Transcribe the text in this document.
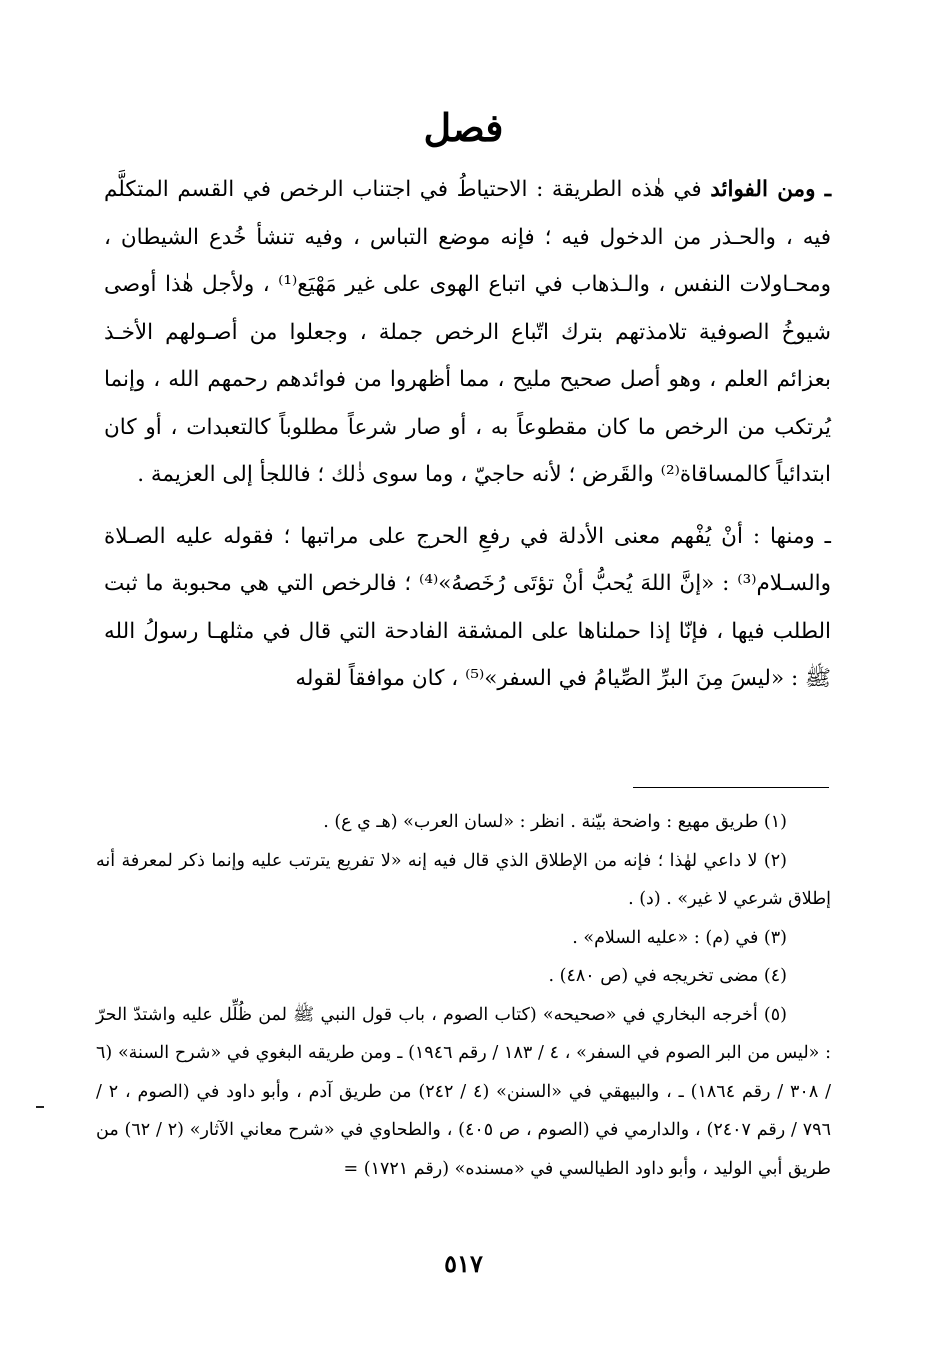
فصل

ـ ومن الفوائد في هٰذه الطريقة : الاحتياطُ في اجتناب الرخص في القسم المتكلَّم فيه ، والحـذر من الدخول فيه ؛ فإنه موضع التباس ، وفيه تنشأ خُدع الشيطان ، ومحـاولات النفس ، والـذهاب في اتباع الهوى على غير مَهْيَع⁽¹⁾ ، ولأجل هٰذا أوصى شيوخُ الصوفية تلامذتهم بترك اتّباع الرخص جملة ، وجعلوا من أصـولهم الأخـذ بعزائم العلم ، وهو أصل صحيح مليح ، مما أظهروا من فوائدهم رحمهم الله ، وإنما يُرتكب من الرخص ما كان مقطوعاً به ، أو صار شرعاً مطلوباً كالتعبدات ، أو كان ابتدائياً كالمساقاة⁽²⁾ والقَرض ؛ لأنه حاجيّ ، وما سوى ذٰلك ؛ فاللجأ إلى العزيمة .

ـ ومنها : أنْ يُفْهم معنى الأدلة في رفعِ الحرج على مراتبها ؛ فقوله عليه الصـلاة والسـلام⁽³⁾ : «إنَّ اللهَ يُحبُّ أنْ تؤتَى رُخَصهُ»⁽⁴⁾ ؛ فالرخص التي هي محبوبة ما ثبت الطلب فيها ، فإنّا إذا حملناها على المشقة الفادحة التي قال في مثلهـا رسولُ الله ﷺ : «ليسَ مِنَ البرِّ الصِّيامُ في السفر»⁽⁵⁾ ، كان موافقاً لقوله

(١) طريق مهيع : واضحة بيّنة . انظر : «لسان العرب» (هـ ي ع) .

(٢) لا داعي لهٰذا ؛ فإنه من الإطلاق الذي قال فيه إنه «لا تفريع يترتب عليه وإنما ذكر لمعرفة أنه إطلاق شرعي لا غير» . (د) .

(٣) في (م) : «عليه السلام» .

(٤) مضى تخريجه في (ص ٤٨٠) .

(٥) أخرجه البخاري في «صحيحه» (كتاب الصوم ، باب قول النبي ﷺ لمن ظُلِّل عليه واشتدّ الحرّ : «ليس من البر الصوم في السفر» ، ٤ / ١٨٣ / رقم ١٩٤٦) ـ ومن طريقه البغوي في «شرح السنة» (٦ / ٣٠٨ / رقم ١٨٦٤) ـ ، والبيهقي في «السنن» (٤ / ٢٤٢) من طريق آدم ، وأبو داود في (الصوم ، ٢ / ٧٩٦ / رقم ٢٤٠٧) ، والدارمي في (الصوم ، ص ٤٠٥) ، والطحاوي في «شرح معاني الآثار» (٢ / ٦٢) من طريق أبي الوليد ، وأبو داود الطيالسي في «مسنده» (رقم ١٧٢١) =

٥١٧
